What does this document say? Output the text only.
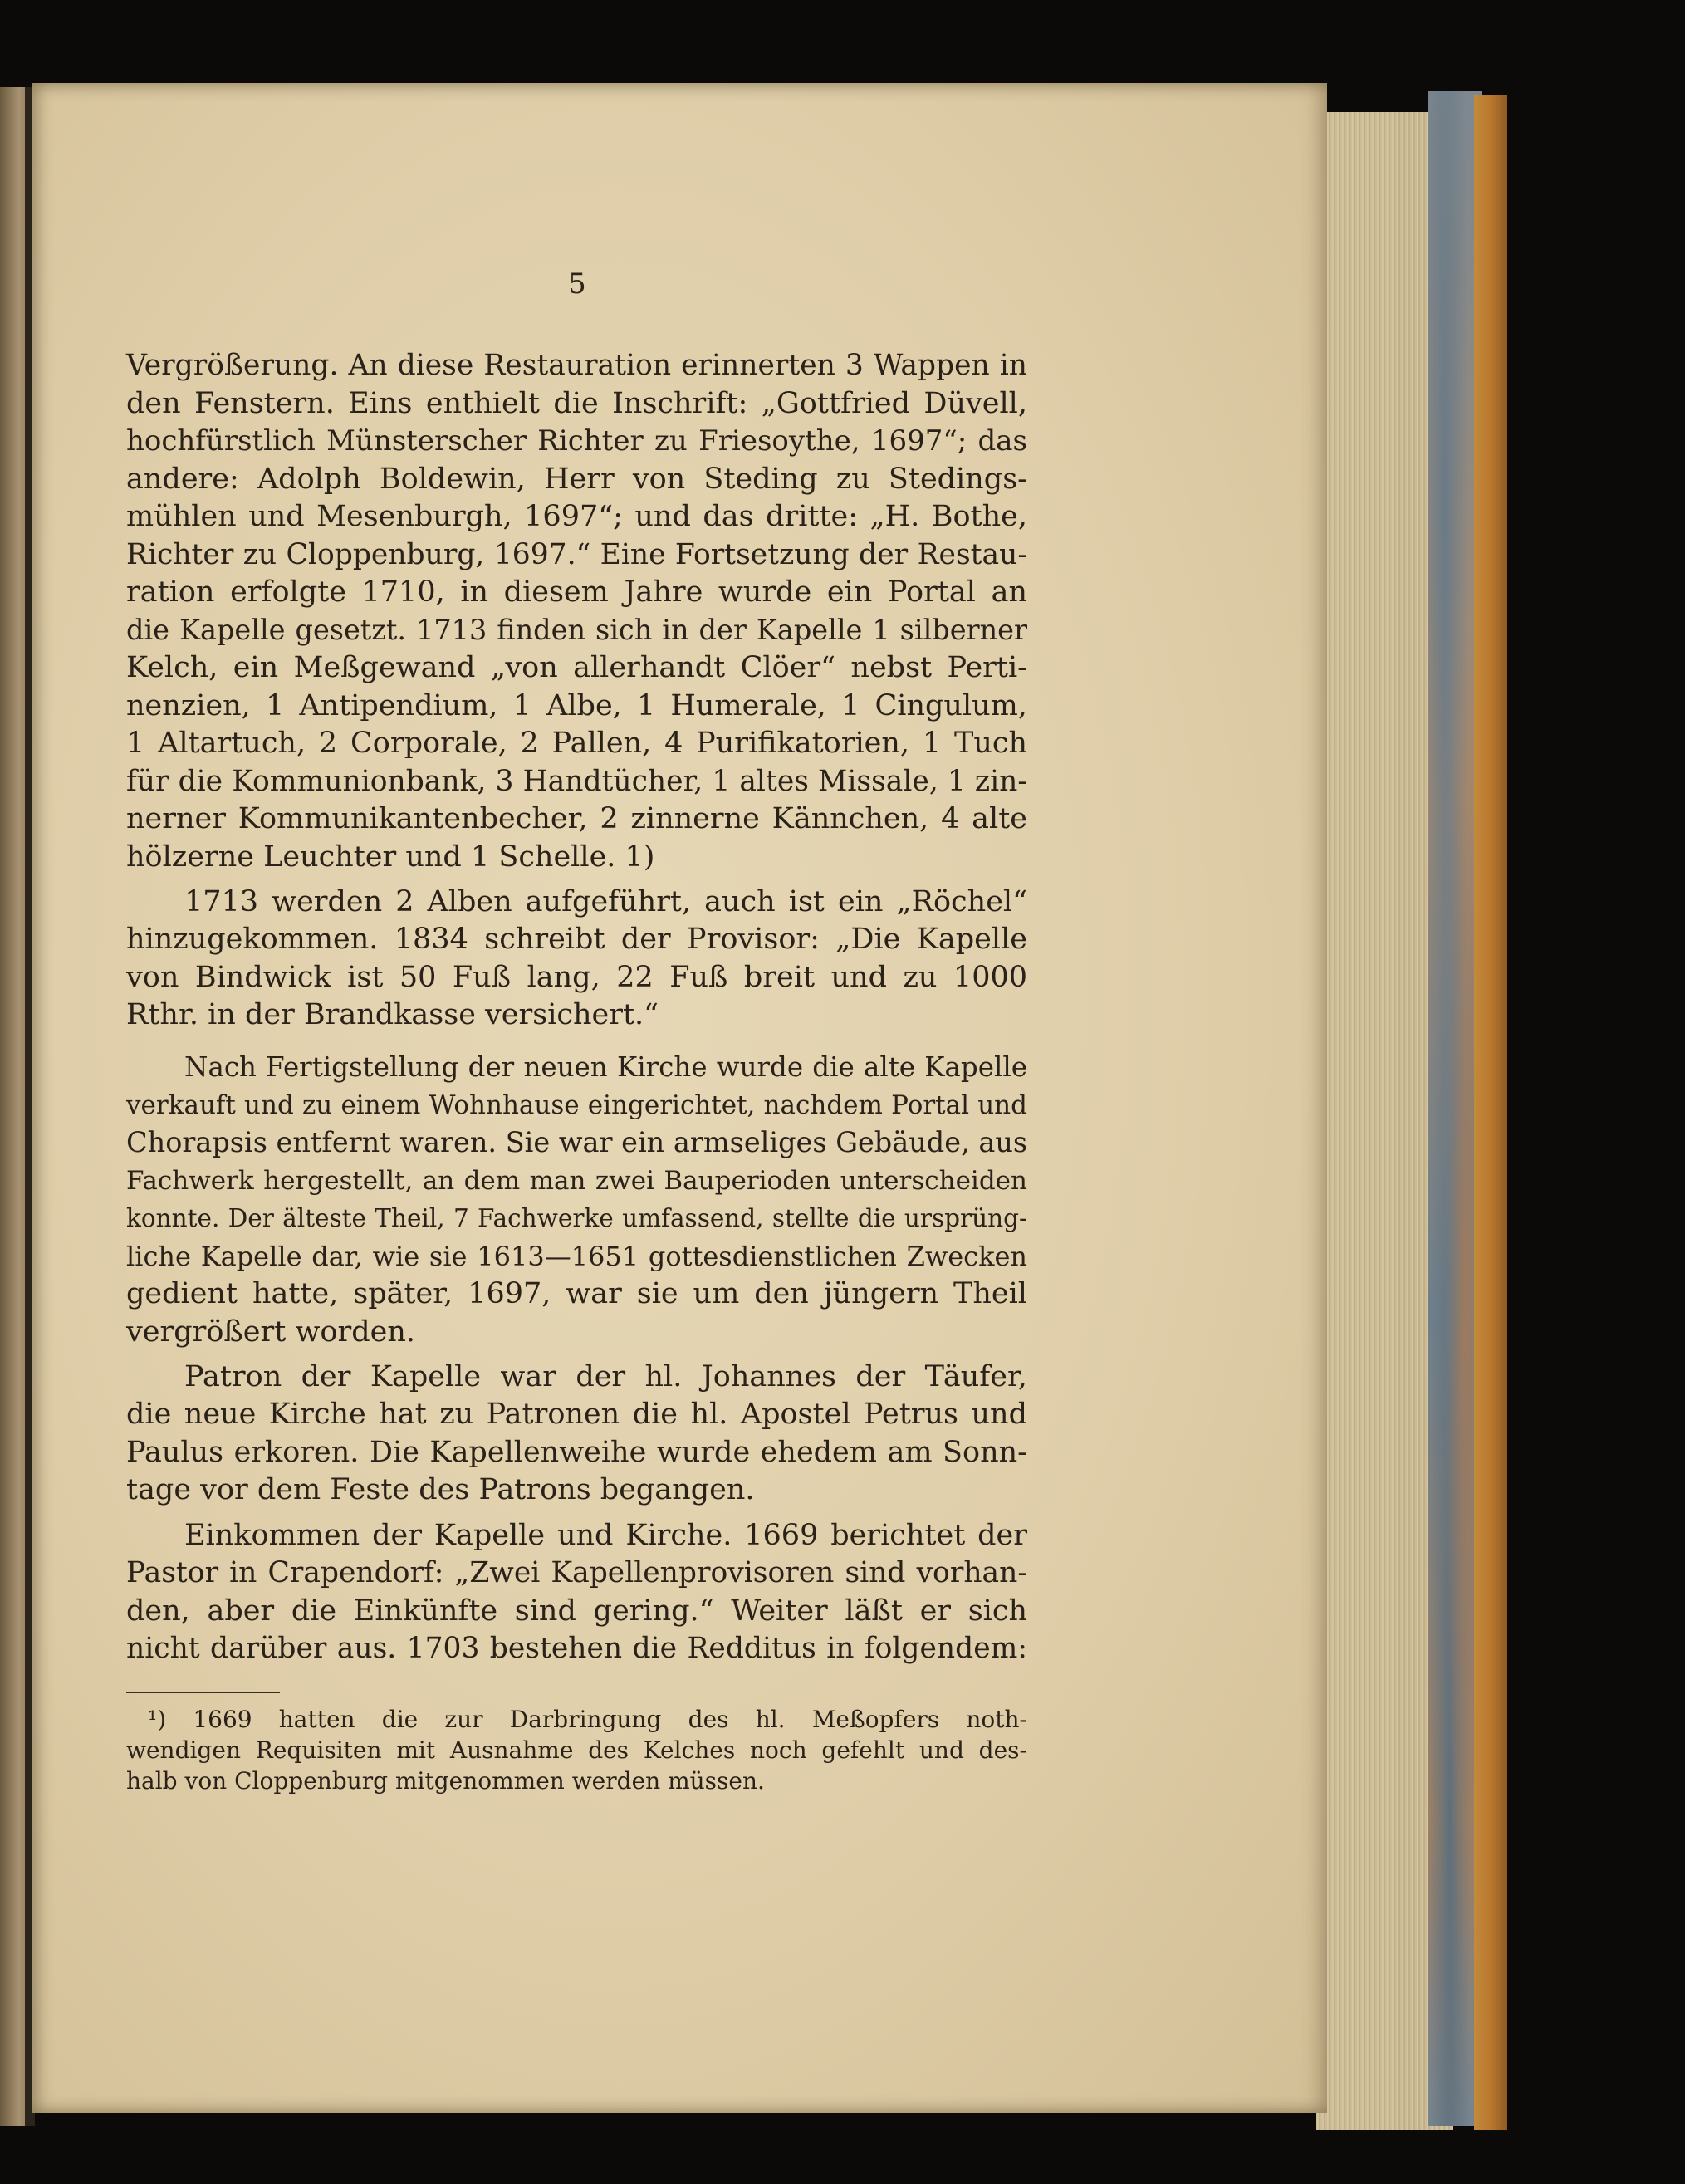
5
Vergrößerung. An diese Restauration erinnerten 3 Wappen in
den Fenstern. Eins enthielt die Inschrift: „Gottfried Düvell,
hochfürstlich Münsterscher Richter zu Friesoythe, 1697“; das
andere: Adolph Boldewin, Herr von Steding zu Stedings-
mühlen und Mesenburgh, 1697“; und das dritte: „H. Bothe,
Richter zu Cloppenburg, 1697.“ Eine Fortsetzung der Restau-
ration erfolgte 1710, in diesem Jahre wurde ein Portal an
die Kapelle gesetzt. 1713 finden sich in der Kapelle 1 silberner
Kelch, ein Meßgewand „von allerhandt Clöer“ nebst Perti-
nenzien, 1 Antipendium, 1 Albe, 1 Humerale, 1 Cingulum,
1 Altartuch, 2 Corporale, 2 Pallen, 4 Purifikatorien, 1 Tuch
für die Kommunionbank, 3 Handtücher, 1 altes Missale, 1 zin-
nerner Kommunikantenbecher, 2 zinnerne Kännchen, 4 alte
hölzerne Leuchter und 1 Schelle. 1)
1713 werden 2 Alben aufgeführt, auch ist ein „Röchel“
hinzugekommen. 1834 schreibt der Provisor: „Die Kapelle
von Bindwick ist 50 Fuß lang, 22 Fuß breit und zu 1000
Rthr. in der Brandkasse versichert.“
Nach Fertigstellung der neuen Kirche wurde die alte Kapelle
verkauft und zu einem Wohnhause eingerichtet, nachdem Portal und
Chorapsis entfernt waren. Sie war ein armseliges Gebäude, aus
Fachwerk hergestellt, an dem man zwei Bauperioden unterscheiden
konnte. Der älteste Theil, 7 Fachwerke umfassend, stellte die ursprüng-
liche Kapelle dar, wie sie 1613—1651 gottesdienstlichen Zwecken
gedient hatte, später, 1697, war sie um den jüngern Theil
vergrößert worden.
Patron der Kapelle war der hl. Johannes der Täufer,
die neue Kirche hat zu Patronen die hl. Apostel Petrus und
Paulus erkoren. Die Kapellenweihe wurde ehedem am Sonn-
tage vor dem Feste des Patrons begangen.
Einkommen der Kapelle und Kirche. 1669 berichtet der
Pastor in Crapendorf: „Zwei Kapellenprovisoren sind vorhan-
den, aber die Einkünfte sind gering.“ Weiter läßt er sich
nicht darüber aus. 1703 bestehen die Redditus in folgendem:
¹) 1669 hatten die zur Darbringung des hl. Meßopfers noth-
wendigen Requisiten mit Ausnahme des Kelches noch gefehlt und des-
halb von Cloppenburg mitgenommen werden müssen.
